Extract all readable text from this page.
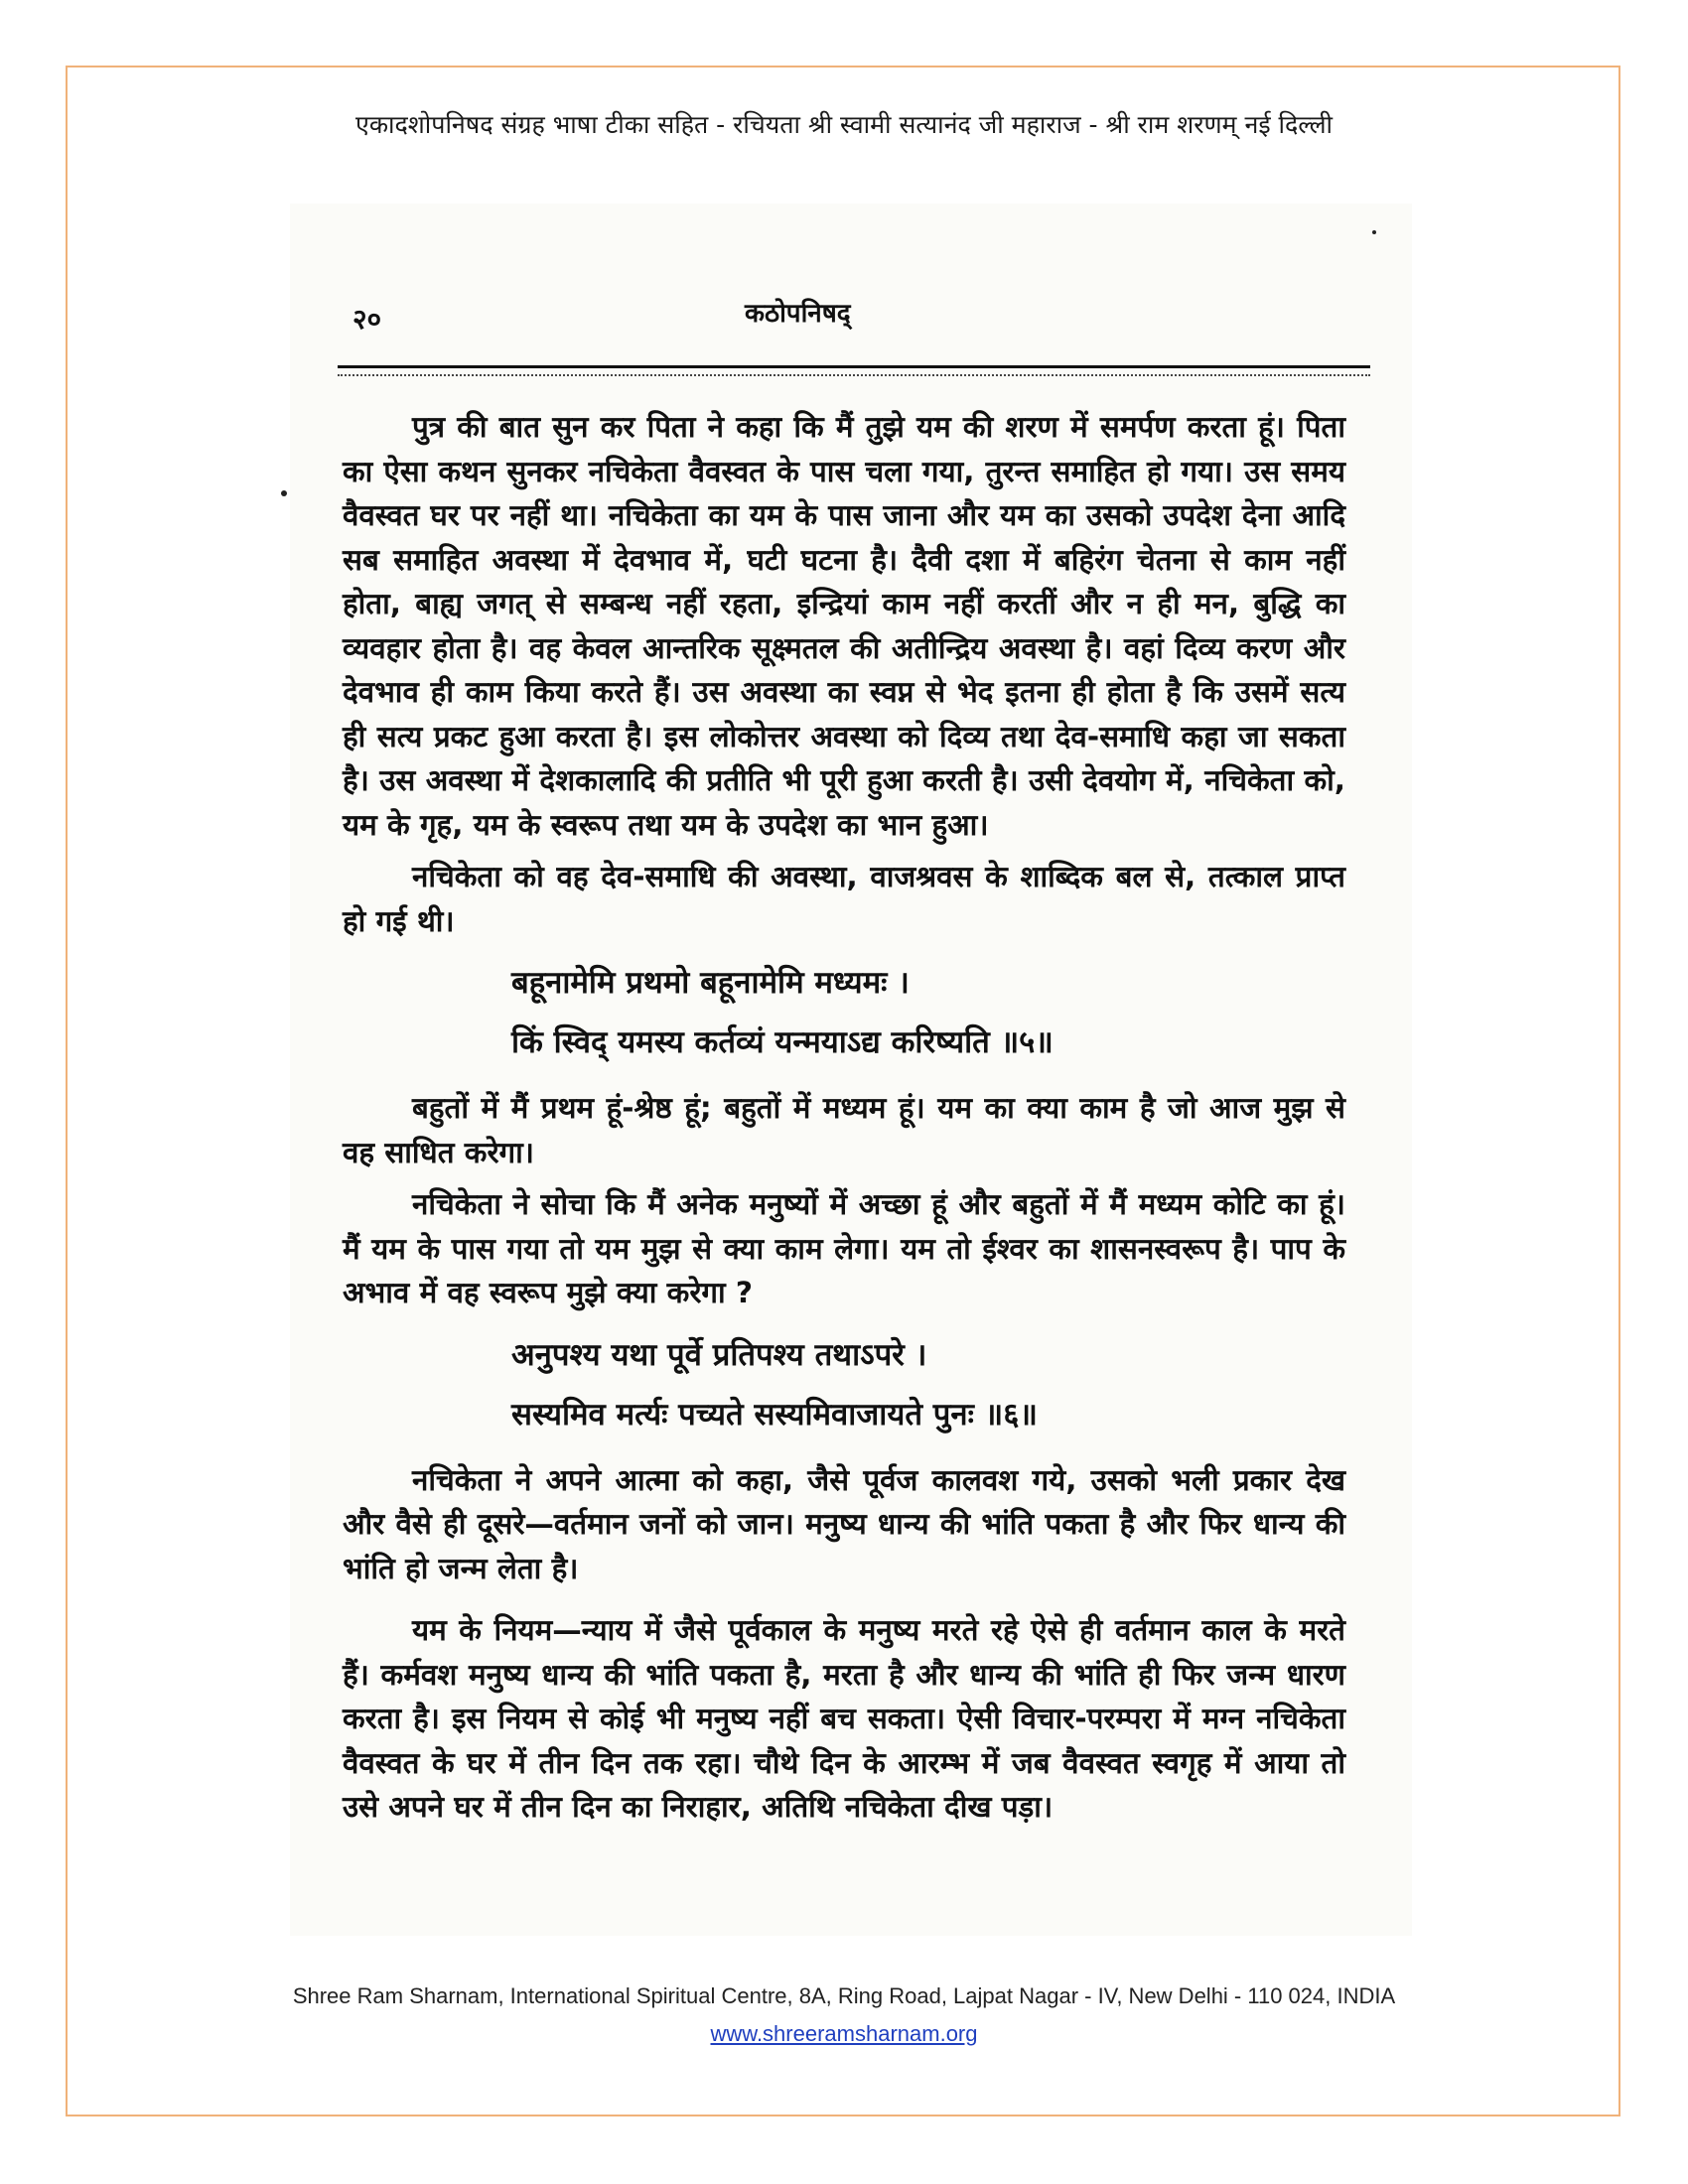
एकादशोपनिषद संग्रह भाषा टीका सहित - रचियता श्री स्वामी सत्यानंद जी महाराज - श्री राम शरणम् नई दिल्ली
२०	कठोपनिषद्

पुत्र की बात सुन कर पिता ने कहा कि मैं तुझे यम की शरण में समर्पण करता हूं। पिता का ऐसा कथन सुनकर नचिकेता वैवस्वत के पास चला गया, तुरन्त समाहित हो गया। उस समय वैवस्वत घर पर नहीं था। नचिकेता का यम के पास जाना और यम का उसको उपदेश देना आदि सब समाहित अवस्था में देवभाव में, घटी घटना है। दैवी दशा में बहिरंग चेतना से काम नहीं होता, बाह्य जगत् से सम्बन्ध नहीं रहता, इन्द्रियां काम नहीं करतीं और न ही मन, बुद्धि का व्यवहार होता है। वह केवल आन्तरिक सूक्ष्मतल की अतीन्द्रिय अवस्था है। वहां दिव्य करण और देवभाव ही काम किया करते हैं। उस अवस्था का स्वप्न से भेद इतना ही होता है कि उसमें सत्य ही सत्य प्रकट हुआ करता है। इस लोकोत्तर अवस्था को दिव्य तथा देव-समाधि कहा जा सकता है। उस अवस्था में देशकालादि की प्रतीति भी पूरी हुआ करती है। उसी देवयोग में, नचिकेता को, यम के गृह, यम के स्वरूप तथा यम के उपदेश का भान हुआ।

नचिकेता को वह देव-समाधि की अवस्था, वाजश्रवस के शाब्दिक बल से, तत्काल प्राप्त हो गई थी।

बहूनामेमि प्रथमो बहूनामेमि मध्यमः ।
किं स्विद् यमस्य कर्तव्यं यन्मयाऽद्य करिष्यति ॥५॥

बहुतों में मैं प्रथम हूं-श्रेष्ठ हूं; बहुतों में मध्यम हूं। यम का क्या काम है जो आज मुझ से वह साधित करेगा।

नचिकेता ने सोचा कि मैं अनेक मनुष्यों में अच्छा हूं और बहुतों में मैं मध्यम कोटि का हूं। मैं यम के पास गया तो यम मुझ से क्या काम लेगा। यम तो ईश्वर का शासनस्वरूप है। पाप के अभाव में वह स्वरूप मुझे क्या करेगा ?

अनुपश्य यथा पूर्वे प्रतिपश्य तथाऽपरे ।
सस्यमिव मर्त्यः पच्यते सस्यमिवाजायते पुनः ॥६॥

नचिकेता ने अपने आत्मा को कहा, जैसे पूर्वज कालवश गये, उसको भली प्रकार देख और वैसे ही दूसरे—वर्तमान जनों को जान। मनुष्य धान्य की भांति पकता है और फिर धान्य की भांति हो जन्म लेता है।

यम के नियम—न्याय में जैसे पूर्वकाल के मनुष्य मरते रहे ऐसे ही वर्तमान काल के मरते हैं। कर्मवश मनुष्य धान्य की भांति पकता है, मरता है और धान्य की भांति ही फिर जन्म धारण करता है। इस नियम से कोई भी मनुष्य नहीं बच सकता। ऐसी विचार-परम्परा में मग्न नचिकेता वैवस्वत के घर में तीन दिन तक रहा। चौथे दिन के आरम्भ में जब वैवस्वत स्वगृह में आया तो उसे अपने घर में तीन दिन का निराहार, अतिथि नचिकेता दीख पड़ा।

Shree Ram Sharnam, International Spiritual Centre, 8A, Ring Road, Lajpat Nagar - IV, New Delhi - 110 024, INDIA
www.shreeramsharnam.org
